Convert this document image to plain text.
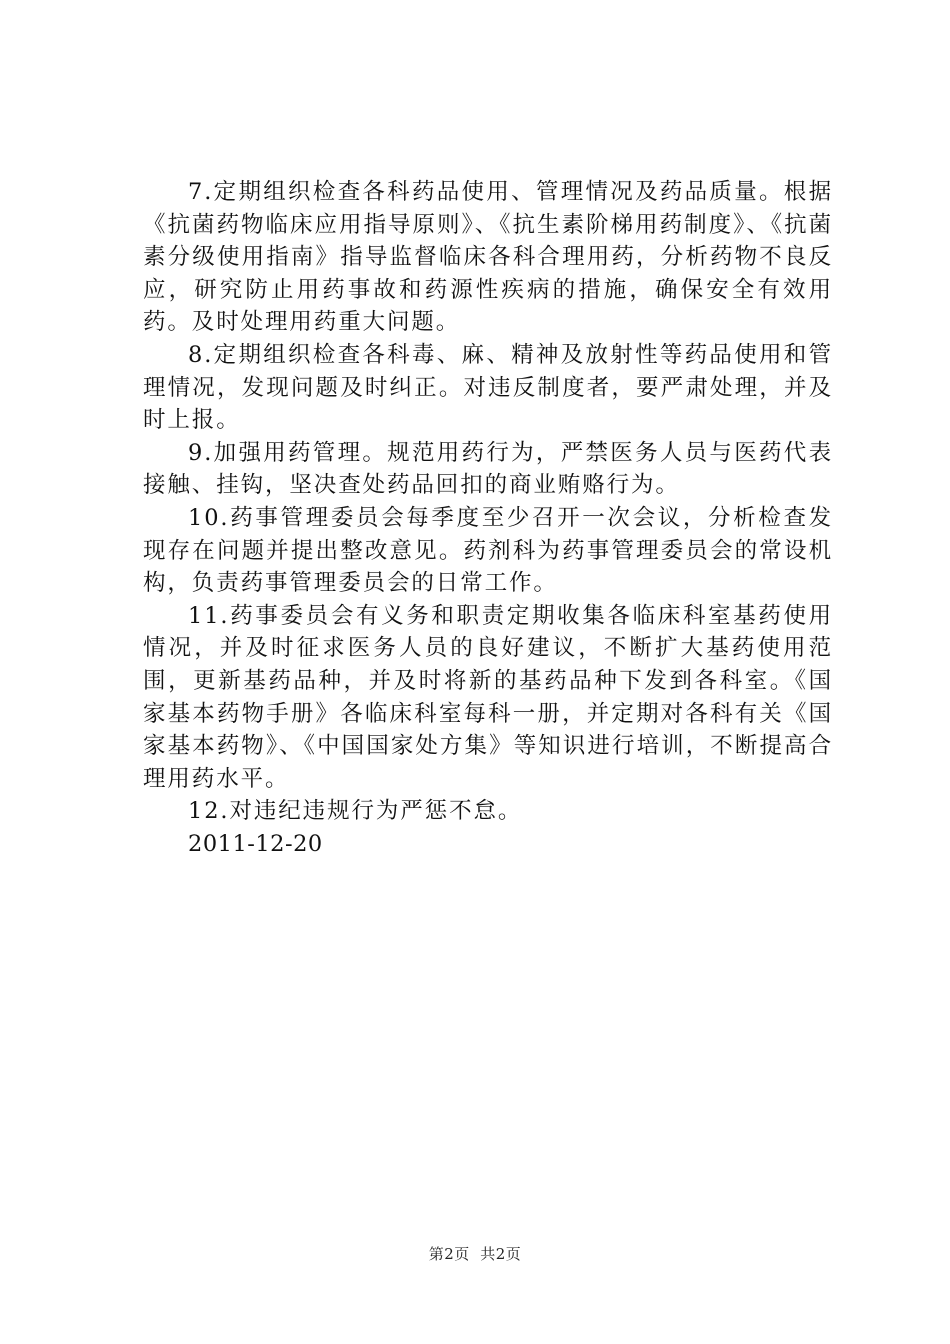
7.定期组织检查各科药品使用、管理情况及药品质量。根据《抗菌药物临床应用指导原则》、《抗生素阶梯用药制度》、《抗菌素分级使用指南》指导监督临床各科合理用药，分析药物不良反应，研究防止用药事故和药源性疾病的措施，确保安全有效用药。及时处理用药重大问题。

8.定期组织检查各科毒、麻、精神及放射性等药品使用和管理情况，发现问题及时纠正。对违反制度者，要严肃处理，并及时上报。

9.加强用药管理。规范用药行为，严禁医务人员与医药代表接触、挂钩，坚决查处药品回扣的商业贿赂行为。

10.药事管理委员会每季度至少召开一次会议，分析检查发现存在问题并提出整改意见。药剂科为药事管理委员会的常设机构，负责药事管理委员会的日常工作。

11.药事委员会有义务和职责定期收集各临床科室基药使用情况，并及时征求医务人员的良好建议，不断扩大基药使用范围，更新基药品种，并及时将新的基药品种下发到各科室。《国家基本药物手册》各临床科室每科一册，并定期对各科有关《国家基本药物》、《中国国家处方集》等知识进行培训，不断提高合理用药水平。

12.对违纪违规行为严惩不怠。

2011-12-20

第2页  共2页
